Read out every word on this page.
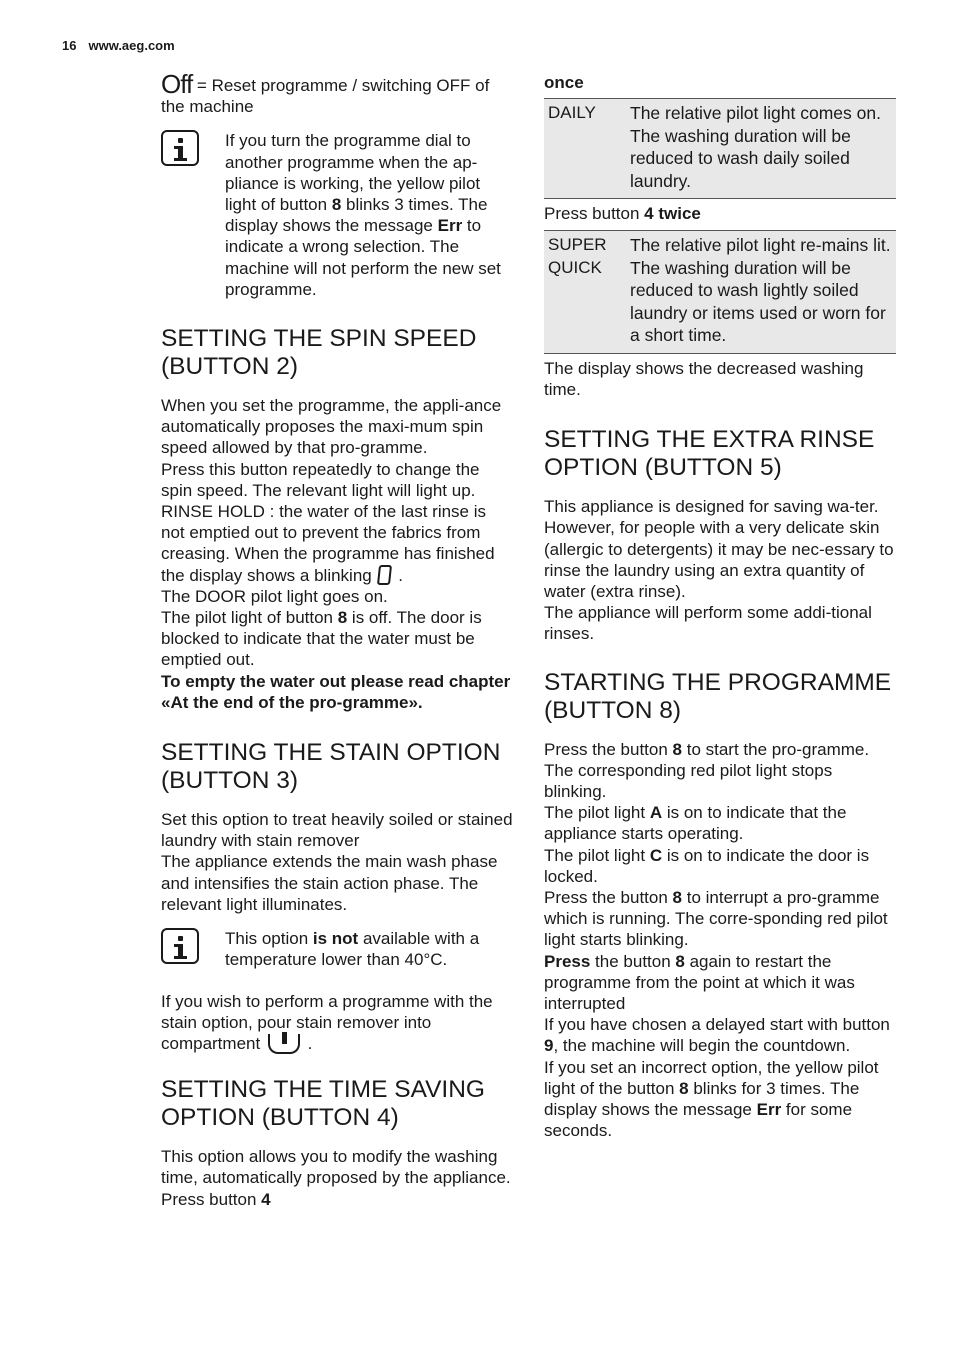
16 www.aeg.com

Off = Reset programme / switching OFF of the machine

If you turn the programme dial to another programme when the ap-pliance is working, the yellow pilot light of button 8 blinks 3 times. The display shows the message Err to indicate a wrong selection. The machine will not perform the new set programme.

SETTING THE SPIN SPEED (BUTTON 2)

When you set the programme, the appli-ance automatically proposes the maxi-mum spin speed allowed by that pro-gramme.

Press this button repeatedly to change the spin speed. The relevant light will light up.

RINSE HOLD : the water of the last rinse is not emptied out to prevent the fabrics from creasing. When the programme has finished the display shows a blinking  .

The DOOR pilot light goes on.

The pilot light of button 8 is off. The door is blocked to indicate that the water must be emptied out.

To empty the water out please read chapter «At the end of the pro-gramme».

SETTING THE STAIN OPTION (BUTTON 3)

Set this option to treat heavily soiled or stained laundry with stain remover

The appliance extends the main wash phase and intensifies the stain action phase. The relevant light illuminates.

This option is not available with a temperature lower than 40°C.

If you wish to perform a programme with the stain option, pour stain remover into compartment	.

SETTING THE TIME SAVING OPTION (BUTTON 4)

This option allows you to modify the washing time, automatically proposed by the appliance.

Press button 4

once

DAILY	The relative pilot light comes on.

The washing duration will be reduced to wash daily soiled laundry.

Press button 4 twice

SUPER QUICK

The relative pilot light re-mains lit.

The washing duration will be reduced to wash lightly soiled laundry or items used or worn for a short time.

The display shows the decreased washing time.

SETTING THE EXTRA RINSE OPTION (BUTTON 5)

This appliance is designed for saving wa-ter.

However, for people with a very delicate skin (allergic to detergents) it may be nec-essary to rinse the laundry using an extra quantity of water (extra rinse).

The appliance will perform some addi-tional rinses.

STARTING THE PROGRAMME (BUTTON 8)

Press the button 8 to start the pro-gramme. The corresponding red pilot light stops blinking.

The pilot light A is on to indicate that the appliance starts operating.

The pilot light C is on to indicate the door is locked.

Press the button 8 to interrupt a pro-gramme which is running. The corre-sponding red pilot light starts blinking.

Press the button 8 again to restart the programme from the point at which it was interrupted

If you have chosen a delayed start with button 9, the machine will begin the countdown.

If you set an incorrect option, the yellow pilot light of the button 8 blinks for 3 times. The display shows the message Err for some seconds.
